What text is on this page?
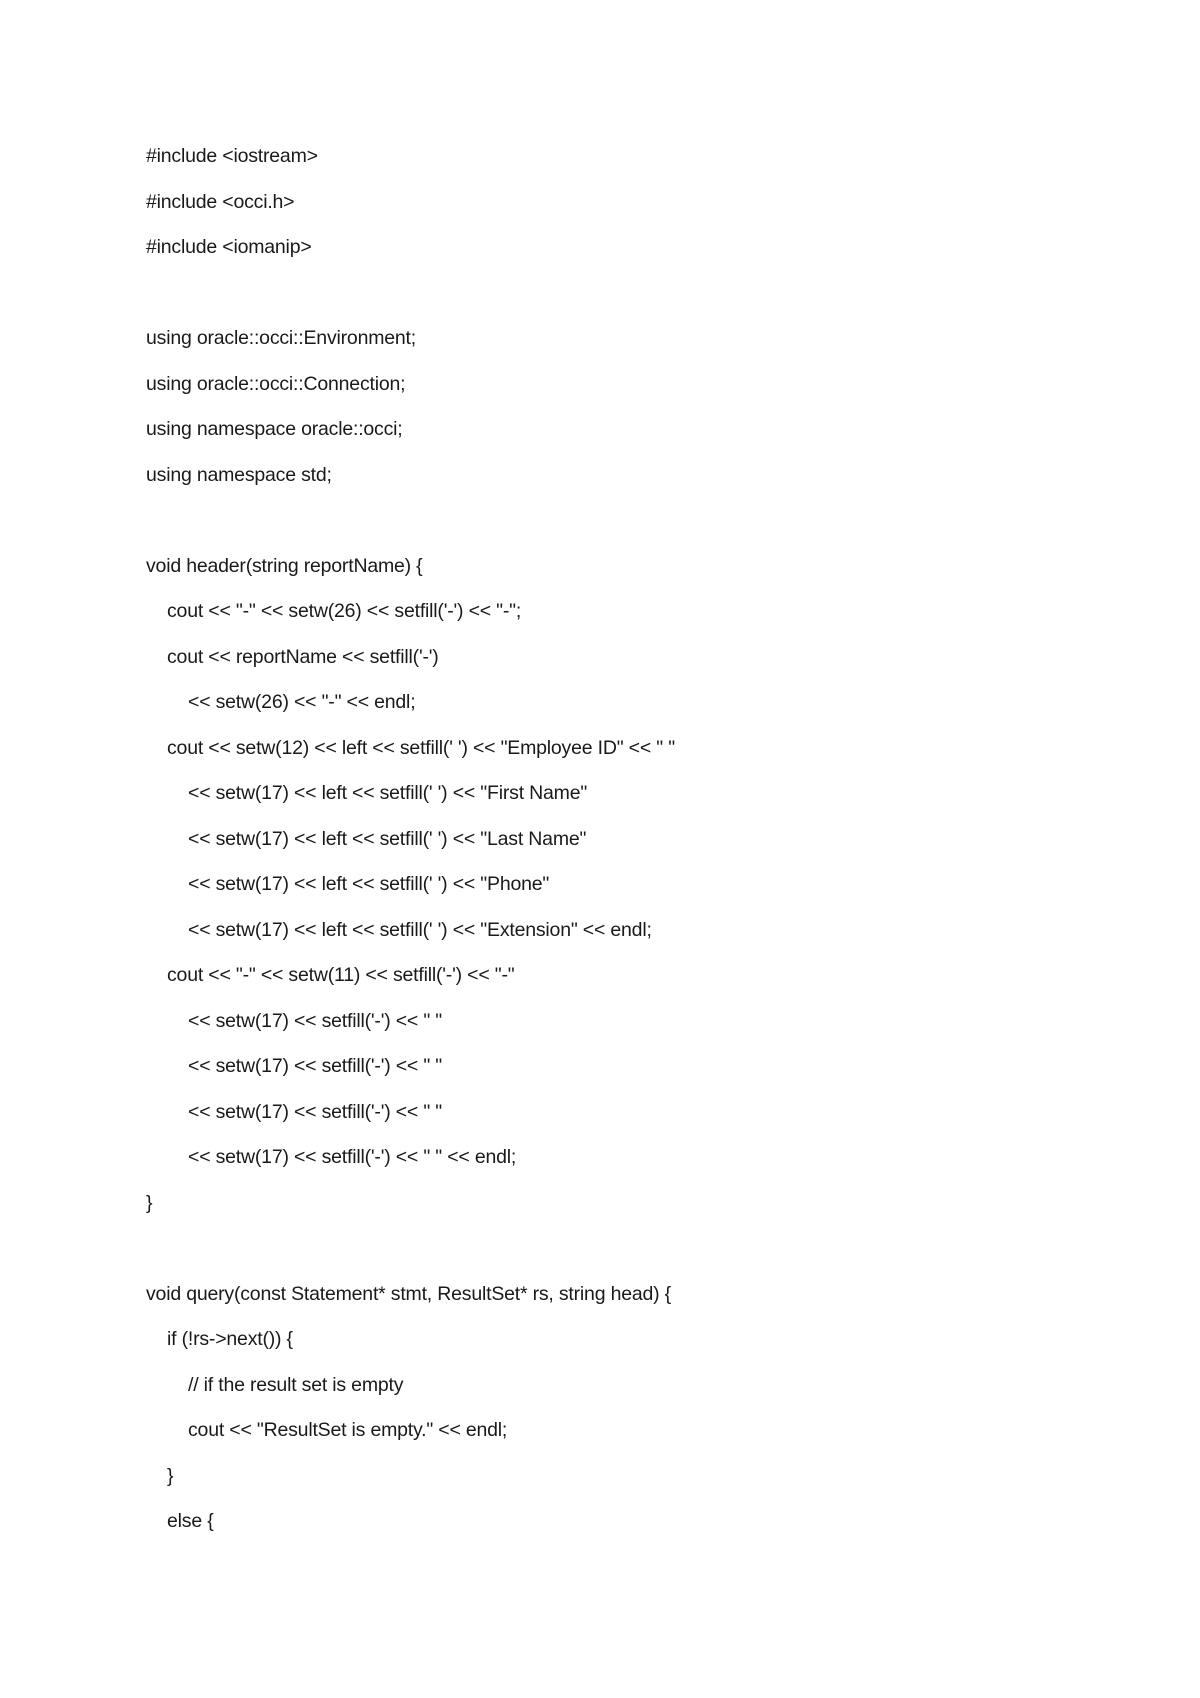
#include <iostream>
#include <occi.h>
#include <iomanip>
using oracle::occi::Environment;
using oracle::occi::Connection;
using namespace oracle::occi;
using namespace std;
void header(string reportName) {
cout << "-" << setw(26) << setfill('-') << "-";
cout << reportName << setfill('-')
<< setw(26) << "-" << endl;
cout << setw(12) << left << setfill(' ') << "Employee ID" << " "
<< setw(17) << left << setfill(' ') << "First Name"
<< setw(17) << left << setfill(' ') << "Last Name"
<< setw(17) << left << setfill(' ') << "Phone"
<< setw(17) << left << setfill(' ') << "Extension" << endl;
cout << "-" << setw(11) << setfill('-') << "-"
<< setw(17) << setfill('-') << " "
<< setw(17) << setfill('-') << " "
<< setw(17) << setfill('-') << " "
<< setw(17) << setfill('-') << " " << endl;
}
void query(const Statement* stmt, ResultSet* rs, string head) {
if (!rs->next()) {
// if the result set is empty
cout << "ResultSet is empty." << endl;
}
else {
